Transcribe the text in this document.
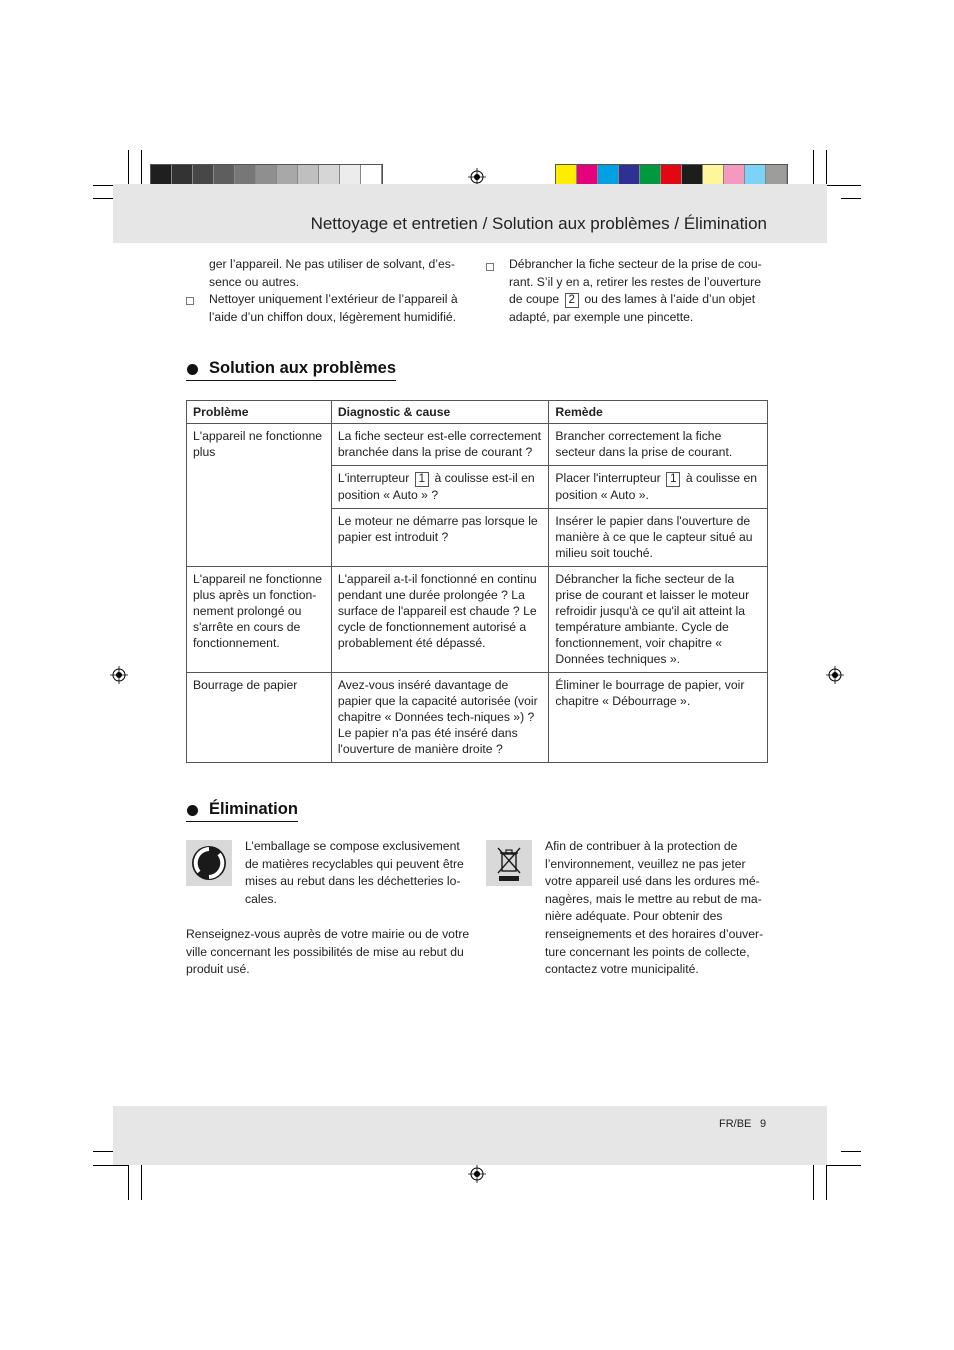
Nettoyage et entretien / Solution aux problèmes / Élimination
ger l’appareil. Ne pas utiliser de solvant, d’es-
sence ou autres.
Nettoyer uniquement l’extérieur de l’appareil à
l’aide d’un chiffon doux, légèrement humidifié.
Débrancher la fiche secteur de la prise de cou-
rant. S’il y en a, retirer les restes de l’ouverture
de coupe 2 ou des lames à l’aide d’un objet
adapté, par exemple une pincette.
Solution aux problèmes
Problème	Diagnostic & cause	Remède
L'appareil ne fonctionne plus	La fiche secteur est-elle correctement branchée dans la prise de courant ?	Brancher correctement la fiche secteur dans la prise de courant.
	L'interrupteur 1 à coulisse est-il en position « Auto » ?	Placer l'interrupteur 1 à coulisse en position « Auto ».
	Le moteur ne démarre pas lorsque le papier est introduit ?	Insérer le papier dans l'ouverture de manière à ce que le capteur situé au milieu soit touché.
L'appareil ne fonctionne plus après un fonction-nement prolongé ou s'arrête en cours de fonctionnement.	L'appareil a-t-il fonctionné en continu pendant une durée prolongée ? La surface de l'appareil est chaude ? Le cycle de fonctionnement autorisé a probablement été dépassé.	Débrancher la fiche secteur de la prise de courant et laisser le moteur refroidir jusqu'à ce qu'il ait atteint la température ambiante. Cycle de fonctionnement, voir chapitre « Données techniques ».
Bourrage de papier	Avez-vous inséré davantage de papier que la capacité autorisée (voir chapitre « Données tech-niques ») ? Le papier n'a pas été inséré dans l'ouverture de manière droite ?	Éliminer le bourrage de papier, voir chapitre « Débourrage ».
Élimination
L’emballage se compose exclusivement
de matières recyclables qui peuvent être
mises au rebut dans les déchetteries lo-
cales.
Renseignez-vous auprès de votre mairie ou de votre
ville concernant les possibilités de mise au rebut du
produit usé.
Afin de contribuer à la protection de
l’environnement, veuillez ne pas jeter
votre appareil usé dans les ordures mé-
nagères, mais le mettre au rebut de ma-
nière adéquate. Pour obtenir des
renseignements et des horaires d’ouver-
ture concernant les points de collecte,
contactez votre municipalité.
FR/BE 9
